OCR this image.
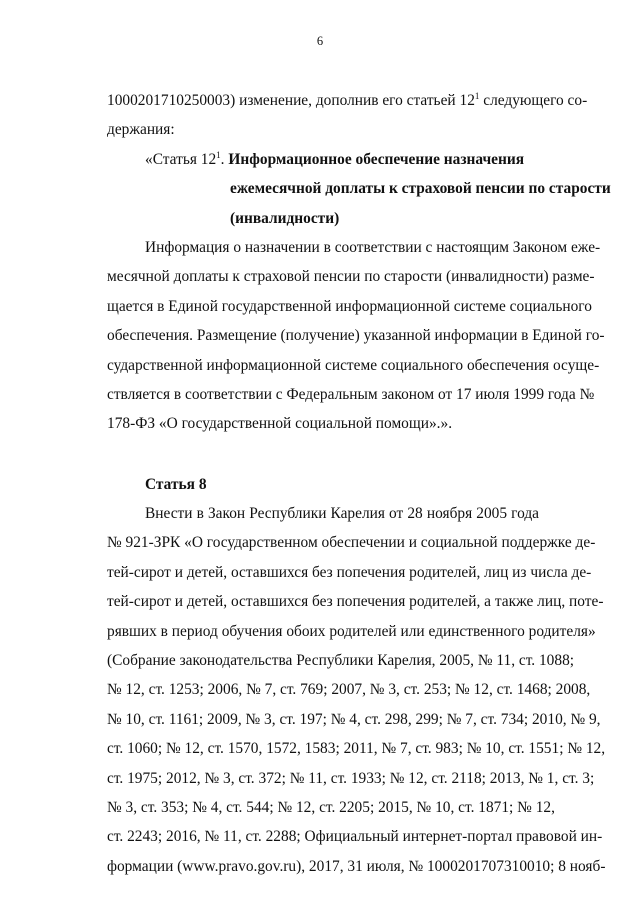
6
1000201710250003) изменение, дополнив его статьей $12^1$ следующего со-
держания:
«Статья $12^1$. Информационное обеспечение назначения
ежемесячной доплаты к страховой пенсии по старости
(инвалидности)
Информация о назначении в соответствии с настоящим Законом еже-
месячной доплаты к страховой пенсии по старости (инвалидности) разме-
щается в Единой государственной информационной системе социального
обеспечения. Размещение (получение) указанной информации в Единой го-
сударственной информационной системе социального обеспечения осуще-
ствляется в соответствии с Федеральным законом от 17 июля 1999 года №
178-ФЗ «О государственной социальной помощи».».
Статья 8
Внести в Закон Республики Карелия от 28 ноября 2005 года
№ 921-ЗРК «О государственном обеспечении и социальной поддержке де-
тей-сирот и детей, оставшихся без попечения родителей, лиц из числа де-
тей-сирот и детей, оставшихся без попечения родителей, а также лиц, поте-
рявших в период обучения обоих родителей или единственного родителя»
(Собрание законодательства Республики Карелия, 2005, № 11, ст. 1088;
№ 12, ст. 1253; 2006, № 7, ст. 769; 2007, № 3, ст. 253; № 12, ст. 1468; 2008,
№ 10, ст. 1161; 2009, № 3, ст. 197; № 4, ст. 298, 299; № 7, ст. 734; 2010, № 9,
ст. 1060; № 12, ст. 1570, 1572, 1583; 2011, № 7, ст. 983; № 10, ст. 1551; № 12,
ст. 1975; 2012, № 3, ст. 372; № 11, ст. 1933; № 12, ст. 2118; 2013, № 1, ст. 3;
№ 3, ст. 353; № 4, ст. 544; № 12, ст. 2205; 2015, № 10, ст. 1871; № 12,
ст. 2243; 2016, № 11, ст. 2288; Официальный интернет-портал правовой ин-
формации (www.pravo.gov.ru), 2017, 31 июля, № 1000201707310010; 8 нояб-
